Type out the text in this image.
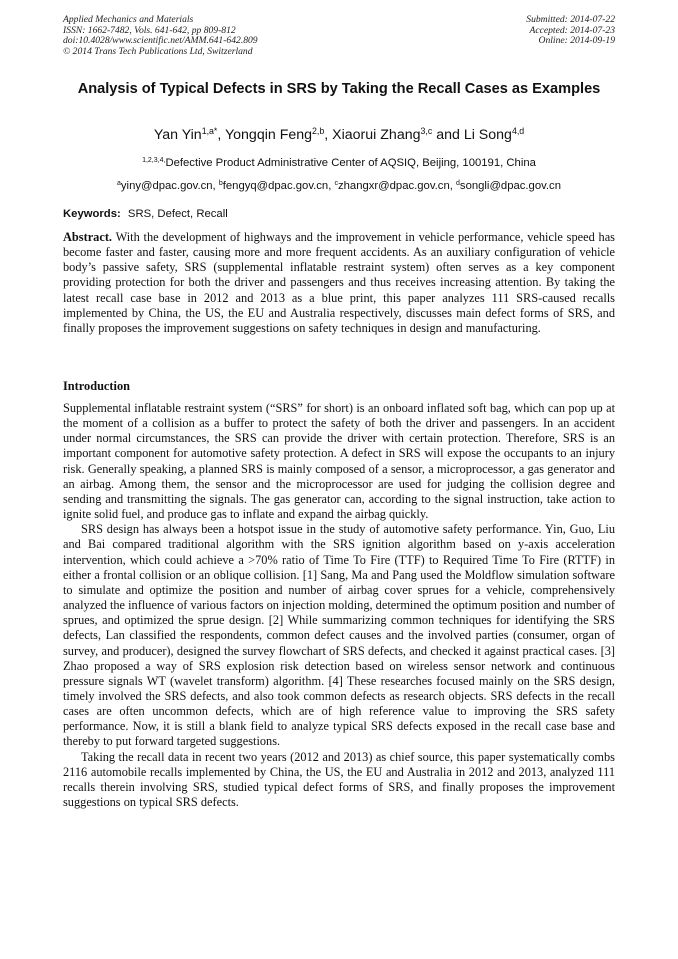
Applied Mechanics and Materials
ISSN: 1662-7482, Vols. 641-642, pp 809-812
doi:10.4028/www.scientific.net/AMM.641-642.809
© 2014 Trans Tech Publications Ltd, Switzerland
Submitted: 2014-07-22
Accepted: 2014-07-23
Online: 2014-09-19
Analysis of Typical Defects in SRS by Taking the Recall Cases as Examples
Yan Yin$^{1,a*}$, Yongqin Feng$^{2,b}$, Xiaorui Zhang$^{3,c}$ and Li Song$^{4,d}$
$^{1,2,3,4,}$Defective Product Administrative Center of AQSIQ, Beijing, 100191, China
$^a$yiny@dpac.gov.cn, $^b$fengyq@dpac.gov.cn, $^c$zhangxr@dpac.gov.cn, $^d$songli@dpac.gov.cn
Keywords: SRS, Defect, Recall
Abstract. With the development of highways and the improvement in vehicle performance, vehicle speed has become faster and faster, causing more and more frequent accidents. As an auxiliary configuration of vehicle body’s passive safety, SRS (supplemental inflatable restraint system) often serves as a key component providing protection for both the driver and passengers and thus receives increasing attention. By taking the latest recall case base in 2012 and 2013 as a blue print, this paper analyzes 111 SRS-caused recalls implemented by China, the US, the EU and Australia respectively, discusses main defect forms of SRS, and finally proposes the improvement suggestions on safety techniques in design and manufacturing.
Introduction

Supplemental inflatable restraint system (“SRS” for short) is an onboard inflated soft bag, which can pop up at the moment of a collision as a buffer to protect the safety of both the driver and passengers. In an accident under normal circumstances, the SRS can provide the driver with certain protection. Therefore, SRS is an important component for automotive safety protection. A defect in SRS will expose the occupants to an injury risk. Generally speaking, a planned SRS is mainly composed of a sensor, a microprocessor, a gas generator and an airbag. Among them, the sensor and the microprocessor are used for judging the collision degree and sending and transmitting the signals. The gas generator can, according to the signal instruction, take action to ignite solid fuel, and produce gas to inflate and expand the airbag quickly.

SRS design has always been a hotspot issue in the study of automotive safety performance. Yin, Guo, Liu and Bai compared traditional algorithm with the SRS ignition algorithm based on y-axis acceleration intervention, which could achieve a >70% ratio of Time To Fire (TTF) to Required Time To Fire (RTTF) in either a frontal collision or an oblique collision. [1] Sang, Ma and Pang used the Moldflow simulation software to simulate and optimize the position and number of airbag cover sprues for a vehicle, comprehensively analyzed the influence of various factors on injection molding, determined the optimum position and number of sprues, and optimized the sprue design. [2] While summarizing common techniques for identifying the SRS defects, Lan classified the respondents, common defect causes and the involved parties (consumer, organ of survey, and producer), designed the survey flowchart of SRS defects, and checked it against practical cases. [3] Zhao proposed a way of SRS explosion risk detection based on wireless sensor network and continuous pressure signals WT (wavelet transform) algorithm. [4] These researches focused mainly on the SRS design, timely involved the SRS defects, and also took common defects as research objects. SRS defects in the recall cases are often uncommon defects, which are of high reference value to improving the SRS safety performance. Now, it is still a blank field to analyze typical SRS defects exposed in the recall case base and thereby to put forward targeted suggestions.

Taking the recall data in recent two years (2012 and 2013) as chief source, this paper systematically combs 2116 automobile recalls implemented by China, the US, the EU and Australia in 2012 and 2013, analyzed 111 recalls therein involving SRS, studied typical defect forms of SRS, and finally proposes the improvement suggestions on typical SRS defects.
